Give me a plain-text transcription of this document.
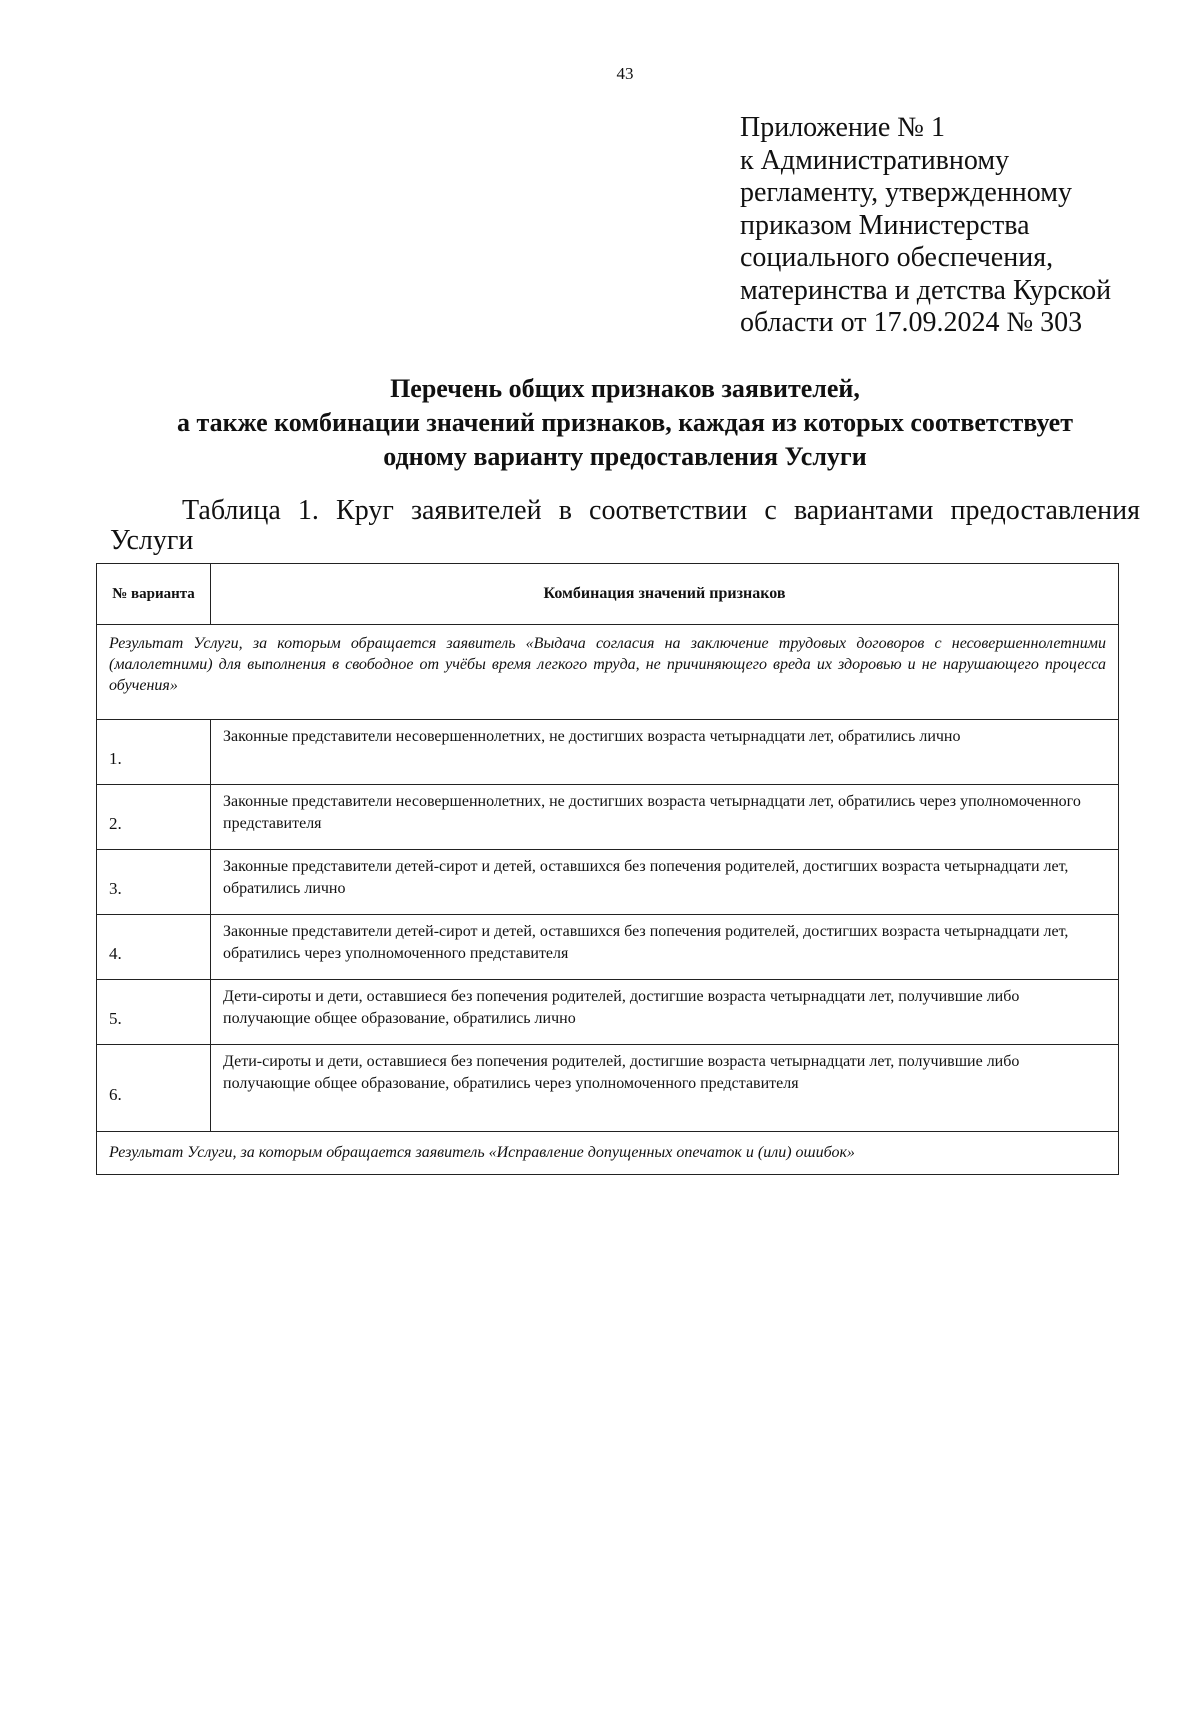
43
Приложение № 1
к Административному
регламенту, утвержденному
приказом Министерства
социального обеспечения,
материнства и детства Курской
области от 17.09.2024 № 303
Перечень общих признаков заявителей,
а также комбинации значений признаков, каждая из которых соответствует
одному варианту предоставления Услуги
Таблица 1. Круг заявителей в соответствии с вариантами предоставления
Услуги
№ варианта	Комбинация значений признаков
Результат Услуги, за которым обращается заявитель «Выдача согласия на заключение трудовых договоров с несовершеннолетними (малолетними) для выполнения в свободное от учёбы время легкого труда, не причиняющего вреда их здоровью и не нарушающего процесса обучения»	
1.	Законные представители несовершеннолетних, не достигших возраста четырнадцати лет, обратились лично
2.	Законные представители несовершеннолетних, не достигших возраста четырнадцати лет, обратились через уполномоченного представителя
3.	Законные представители детей-сирот и детей, оставшихся без попечения родителей, достигших возраста четырнадцати лет, обратились лично
4.	Законные представители детей-сирот и детей, оставшихся без попечения родителей, достигших возраста четырнадцати лет, обратились через уполномоченного представителя
5.	Дети-сироты и дети, оставшиеся без попечения родителей, достигшие возраста четырнадцати лет, получившие либо получающие общее образование, обратились лично
6.	Дети-сироты и дети, оставшиеся без попечения родителей, достигшие возраста четырнадцати лет, получившие либо получающие общее образование, обратились через уполномоченного представителя
Результат Услуги, за которым обращается заявитель «Исправление допущенных опечаток и (или) ошибок»	
